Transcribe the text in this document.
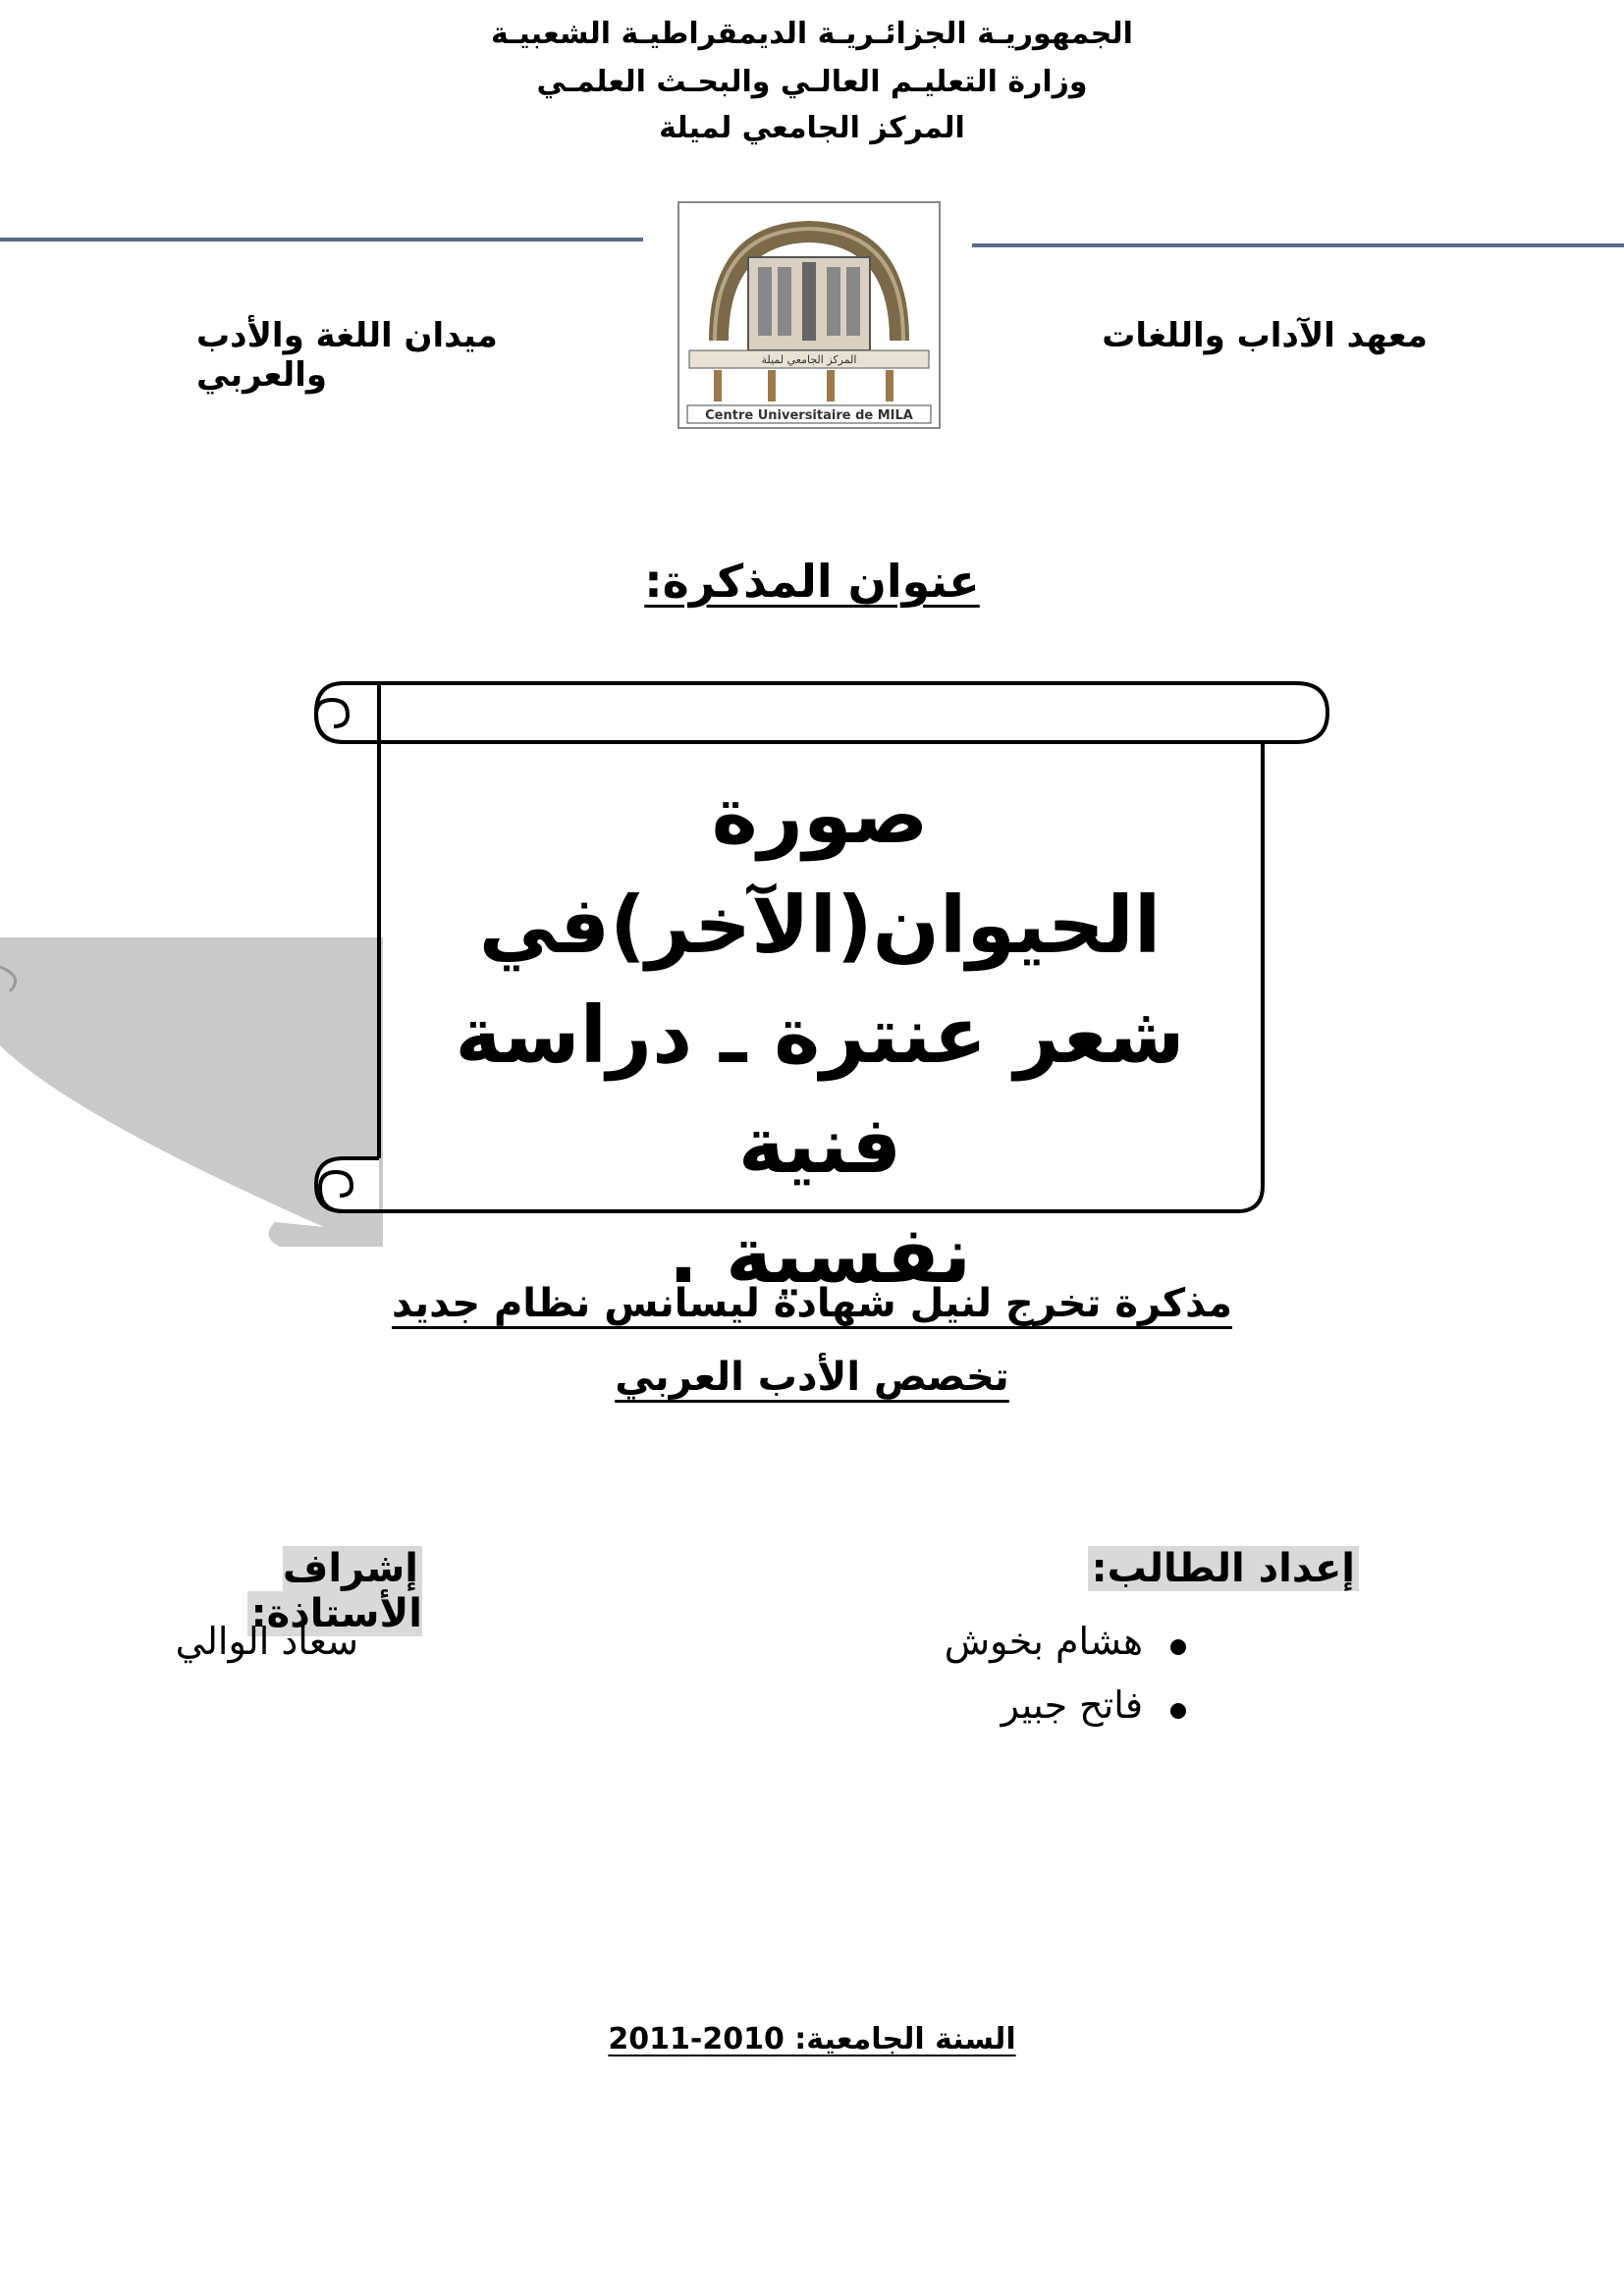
الجمهوريـة الجزائـريـة الديمقراطيـة الشعبيـة
وزارة التعليـم العالـي والبحـث العلمـي
المركز الجامعي لميلة
المركز الجامعي لميلة
Centre Universitaire de MILA
معهد الآداب واللغات
ميدان اللغة والأدب والعربي
عنوان المذكرة:
صورة الحيوان(الآخر)في
شعر عنترة ـ دراسة فنية
نفسية .
مذكرة تخرج لنيل شهادة ليسانس نظام جديد
تخصص الأدب العربي
إعداد الطالب:
هشام بخوش
فاتح جبير
إشراف الأستاذة:
سعاد الوالي
السنة الجامعية: 2010-2011
